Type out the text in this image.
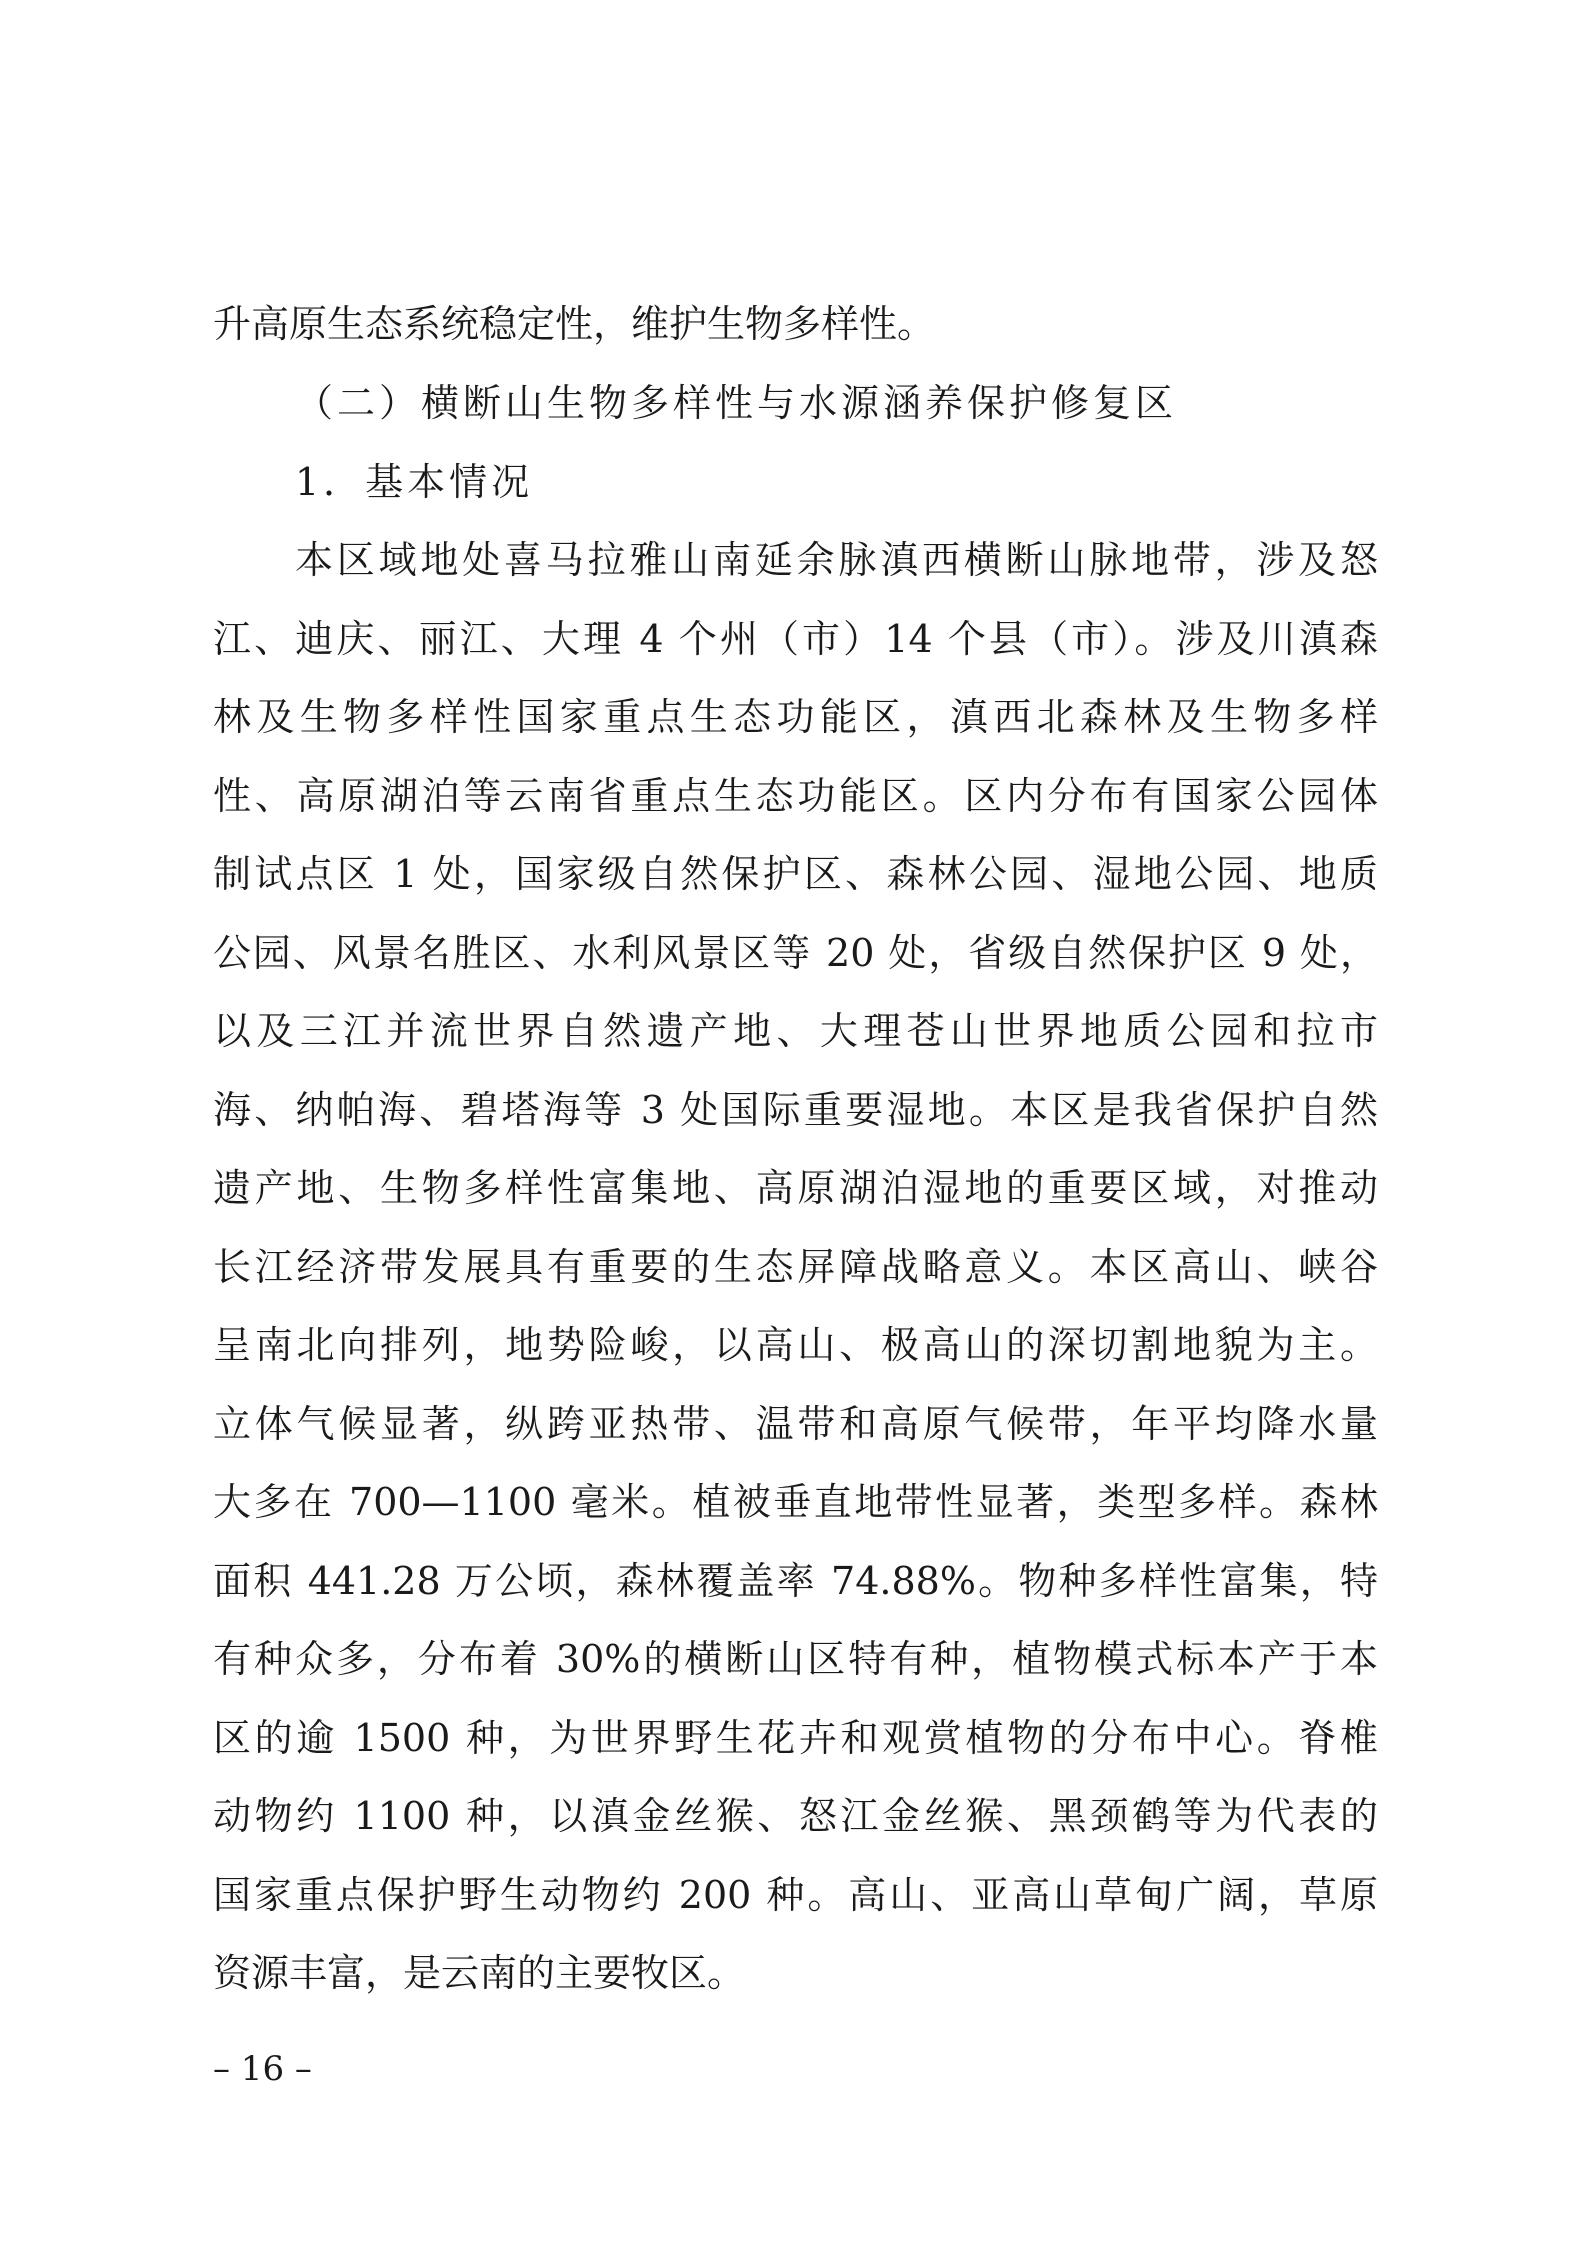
升高原生态系统稳定性，维护生物多样性。
（二）横断山生物多样性与水源涵养保护修复区
1．基本情况
本区域地处喜马拉雅山南延余脉滇西横断山脉地带，涉及怒
江、迪庆、丽江、大理 4 个州（市）14 个县（市）。涉及川滇森
林及生物多样性国家重点生态功能区，滇西北森林及生物多样
性、高原湖泊等云南省重点生态功能区。区内分布有国家公园体
制试点区 1 处，国家级自然保护区、森林公园、湿地公园、地质
公园、风景名胜区、水利风景区等 20 处，省级自然保护区 9 处，
以及三江并流世界自然遗产地、大理苍山世界地质公园和拉市
海、纳帕海、碧塔海等 3 处国际重要湿地。本区是我省保护自然
遗产地、生物多样性富集地、高原湖泊湿地的重要区域，对推动
长江经济带发展具有重要的生态屏障战略意义。本区高山、峡谷
呈南北向排列，地势险峻，以高山、极高山的深切割地貌为主。
立体气候显著，纵跨亚热带、温带和高原气候带，年平均降水量
大多在 700—1100 毫米。植被垂直地带性显著，类型多样。森林
面积 441.28 万公顷，森林覆盖率 74.88%。物种多样性富集，特
有种众多，分布着 30%的横断山区特有种，植物模式标本产于本
区的逾 1500 种，为世界野生花卉和观赏植物的分布中心。脊椎
动物约 1100 种，以滇金丝猴、怒江金丝猴、黑颈鹤等为代表的
国家重点保护野生动物约 200 种。高山、亚高山草甸广阔，草原
资源丰富，是云南的主要牧区。
– 16 –
